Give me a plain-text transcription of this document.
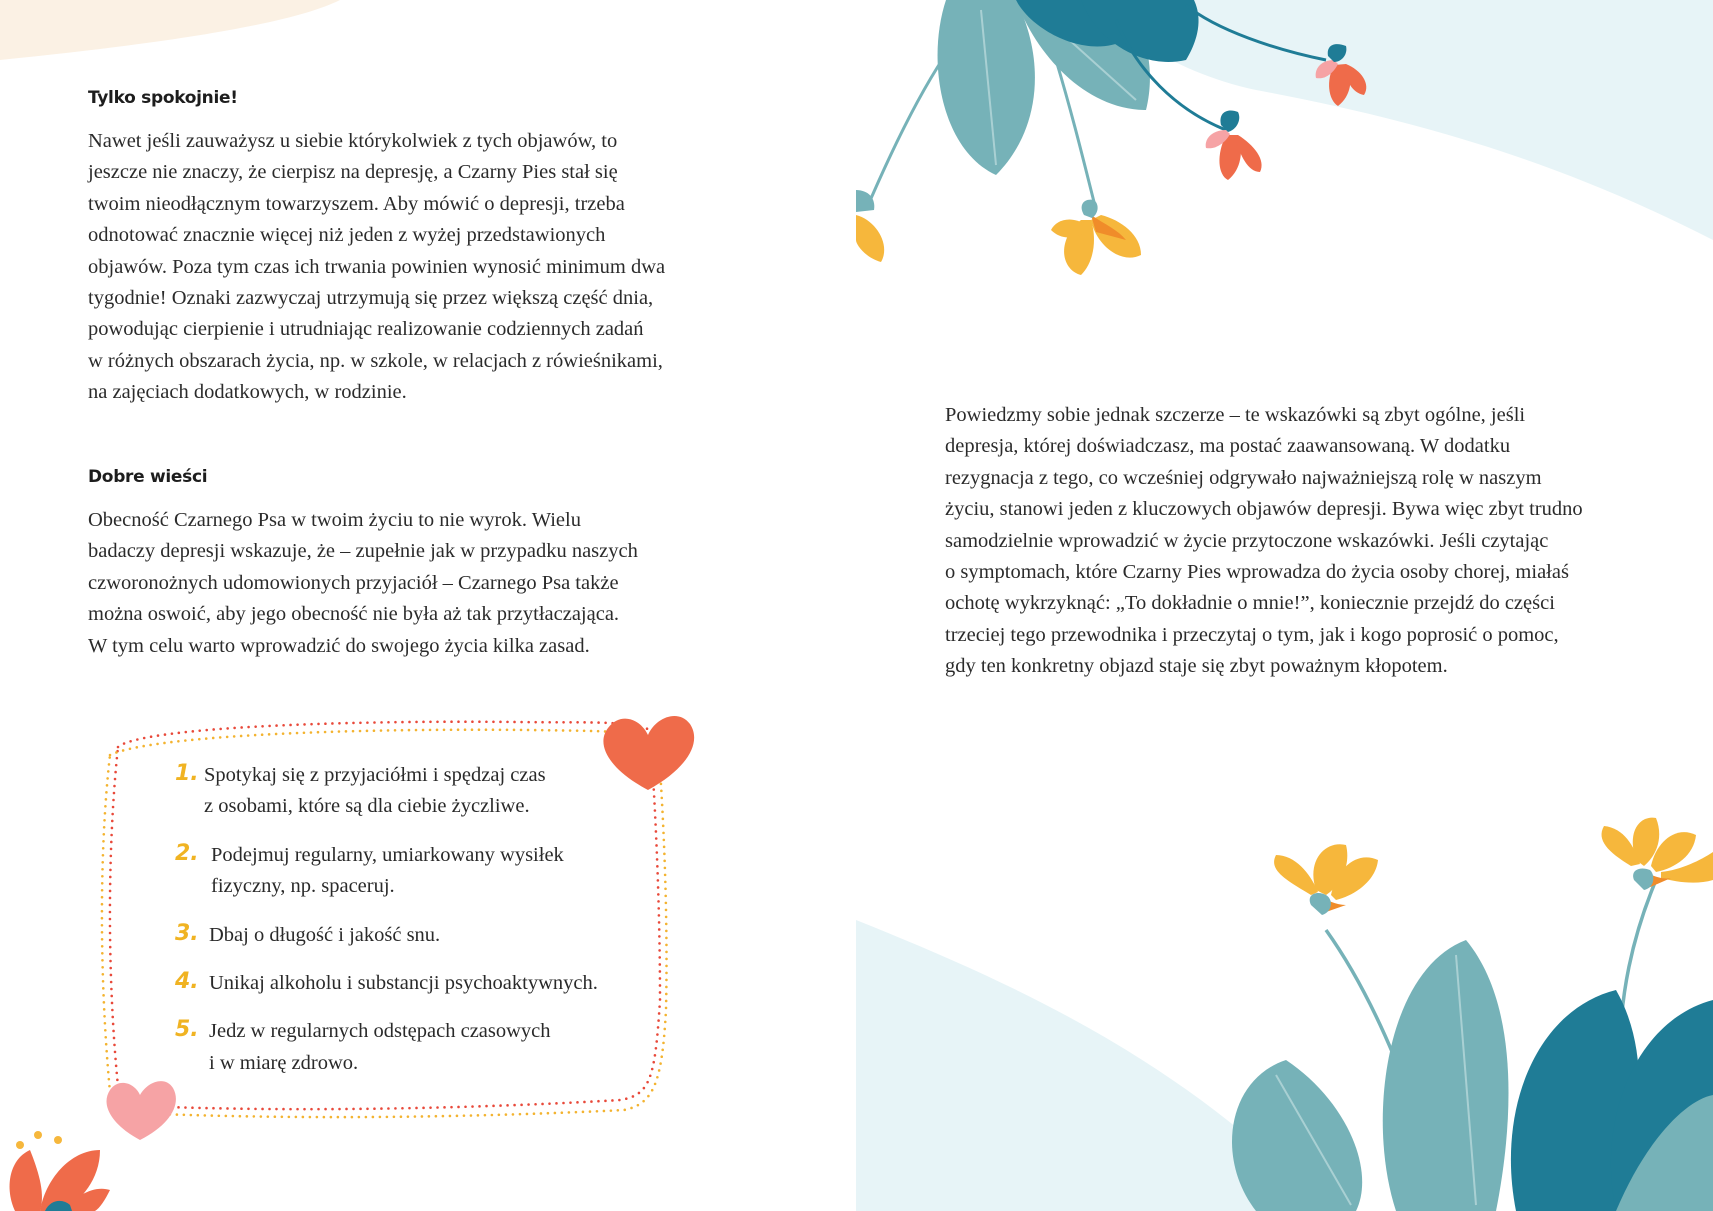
Tylko spokojnie!

Nawet jeśli zauważysz u siebie którykolwiek z tych objawów, to
jeszcze nie znaczy, że cierpisz na depresję, a Czarny Pies stał się
twoim nieodłącznym towarzyszem. Aby mówić o depresji, trzeba
odnotować znacznie więcej niż jeden z wyżej przedstawionych
objawów. Poza tym czas ich trwania powinien wynosić minimum dwa
tygodnie! Oznaki zazwyczaj utrzymują się przez większą część dnia,
powodując cierpienie i utrudniając realizowanie codziennych zadań
w różnych obszarach życia, np. w szkole, w relacjach z rówieśnikami,
na zajęciach dodatkowych, w rodzinie.

Dobre wieści

Obecność Czarnego Psa w twoim życiu to nie wyrok. Wielu
badaczy depresji wskazuje, że – zupełnie jak w przypadku naszych
czworonożnych udomowionych przyjaciół – Czarnego Psa także
można oswoić, aby jego obecność nie była aż tak przytłaczająca.
W tym celu warto wprowadzić do swojego życia kilka zasad.

1. Spotykaj się z przyjaciółmi i spędzaj czas
z osobami, które są dla ciebie życzliwe.
2. Podejmuj regularny, umiarkowany wysiłek
fizyczny, np. spaceruj.
3. Dbaj o długość i jakość snu.
4. Unikaj alkoholu i substancji psychoaktywnych.
5. Jedz w regularnych odstępach czasowych
i w miarę zdrowo.

Powiedzmy sobie jednak szczerze – te wskazówki są zbyt ogólne, jeśli
depresja, której doświadczasz, ma postać zaawansowaną. W dodatku
rezygnacja z tego, co wcześniej odgrywało najważniejszą rolę w naszym
życiu, stanowi jeden z kluczowych objawów depresji. Bywa więc zbyt trudno
samodzielnie wprowadzić w życie przytoczone wskazówki. Jeśli czytając
o symptomach, które Czarny Pies wprowadza do życia osoby chorej, miałaś
ochotę wykrzyknąć: „To dokładnie o mnie!”, koniecznie przejdź do części
trzeciej tego przewodnika i przeczytaj o tym, jak i kogo poprosić o pomoc,
gdy ten konkretny objazd staje się zbyt poważnym kłopotem.
